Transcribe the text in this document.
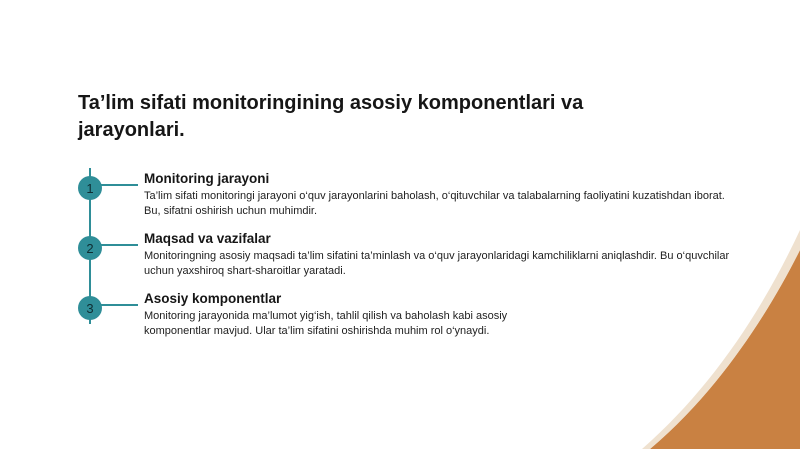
Ta’lim sifati monitoringining asosiy komponentlari va jarayonlari.
1
Monitoring jarayoni

Ta’lim sifati monitoringi jarayoni o‘quv jarayonlarini baholash, o‘qituvchilar va talabalarning faoliyatini kuzatishdan iborat. Bu, sifatni oshirish uchun muhimdir.

2
Maqsad va vazifalar

Monitoringning asosiy maqsadi ta’lim sifatini ta’minlash va o‘quv jarayonlaridagi kamchiliklarni aniqlashdir. Bu o‘quvchilar uchun yaxshiroq shart-sharoitlar yaratadi.

3
Asosiy komponentlar

Monitoring jarayonida ma’lumot yig‘ish, tahlil qilish va baholash kabi asosiy komponentlar mavjud. Ular ta’lim sifatini oshirishda muhim rol o‘ynaydi.
